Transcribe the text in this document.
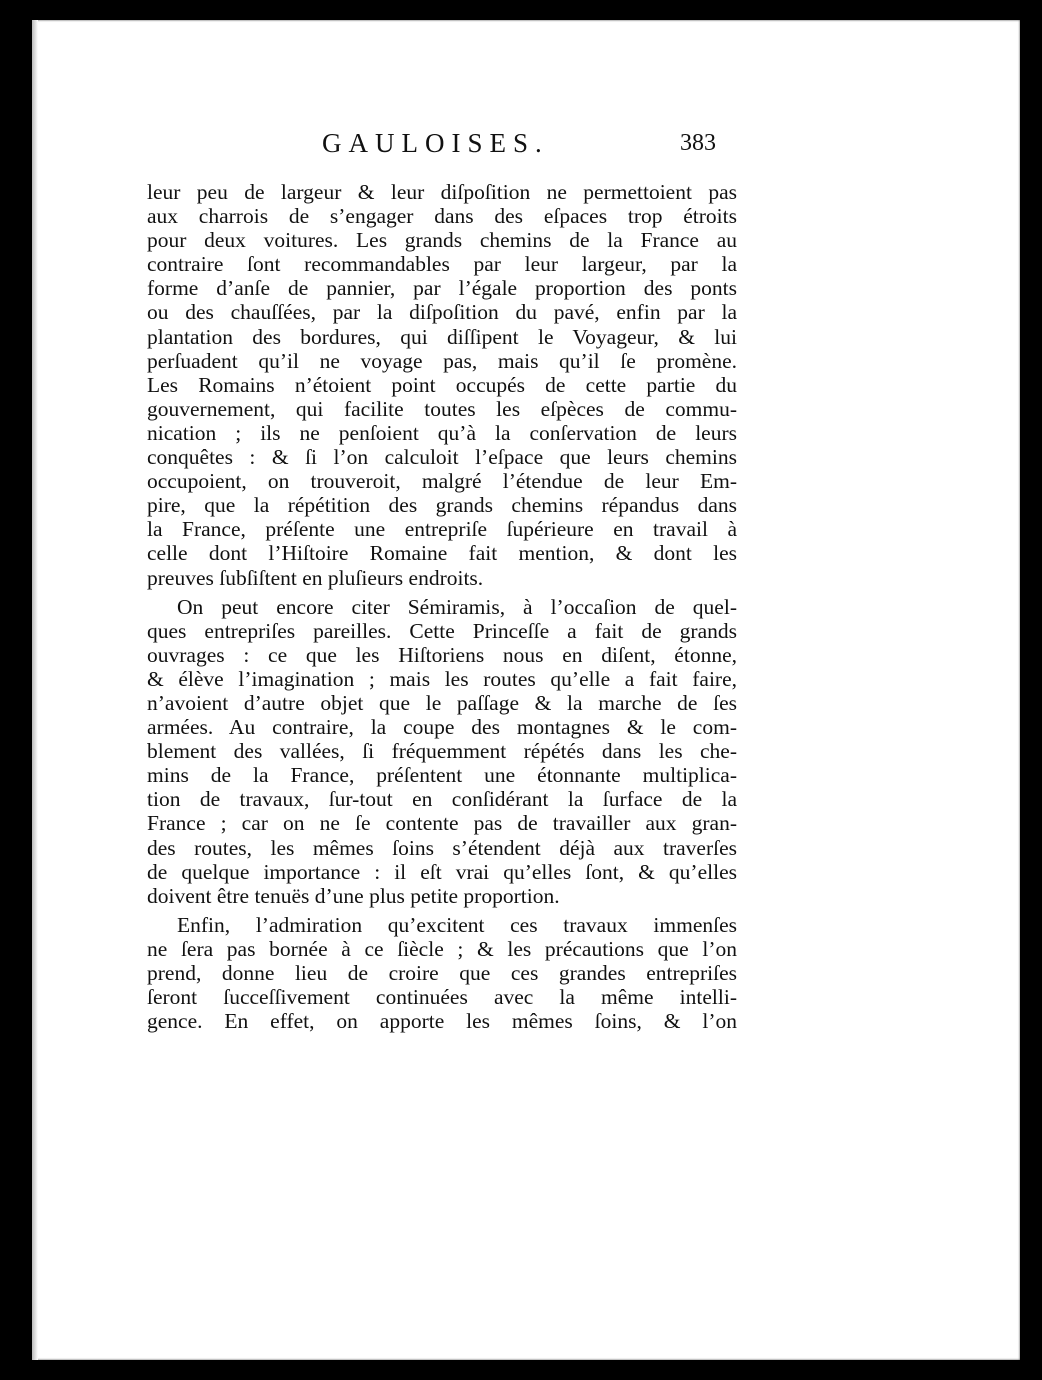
GAULOISES.	383
leur peu de largeur & leur diſpoſition ne permettoient pas
aux charrois de s’engager dans des eſpaces trop étroits
pour deux voitures. Les grands chemins de la France au
contraire ſont recommandables par leur largeur, par la
forme d’anſe de pannier, par l’égale proportion des ponts
ou des chauſſées, par la diſpoſition du pavé, enfin par la
plantation des bordures, qui diſſipent le Voyageur, & lui
perſuadent qu’il ne voyage pas, mais qu’il ſe promène.
Les Romains n’étoient point occupés de cette partie du
gouvernement, qui facilite toutes les eſpèces de commu-
nication ; ils ne penſoient qu’à la conſervation de leurs
conquêtes : & ſi l’on calculoit l’eſpace que leurs chemins
occupoient, on trouveroit, malgré l’étendue de leur Em-
pire, que la répétition des grands chemins répandus dans
la France, préſente une entrepriſe ſupérieure en travail à
celle dont l’Hiſtoire Romaine fait mention, & dont les
preuves ſubſiſtent en pluſieurs endroits.
On peut encore citer Sémiramis, à l’occaſion de quel-
ques entrepriſes pareilles. Cette Princeſſe a fait de grands
ouvrages : ce que les Hiſtoriens nous en diſent, étonne,
& élève l’imagination ; mais les routes qu’elle a fait faire,
n’avoient d’autre objet que le paſſage & la marche de ſes
armées. Au contraire, la coupe des montagnes & le com-
blement des vallées, ſi fréquemment répétés dans les che-
mins de la France, préſentent une étonnante multiplica-
tion de travaux, ſur-tout en conſidérant la ſurface de la
France ; car on ne ſe contente pas de travailler aux gran-
des routes, les mêmes ſoins s’étendent déjà aux traverſes
de quelque importance : il eſt vrai qu’elles ſont, & qu’elles
doivent être tenuës d’une plus petite proportion.
Enfin, l’admiration qu’excitent ces travaux immenſes
ne ſera pas bornée à ce ſiècle ; & les précautions que l’on
prend, donne lieu de croire que ces grandes entrepriſes
ſeront ſucceſſivement continuées avec la même intelli-
gence. En effet, on apporte les mêmes ſoins, & l’on
